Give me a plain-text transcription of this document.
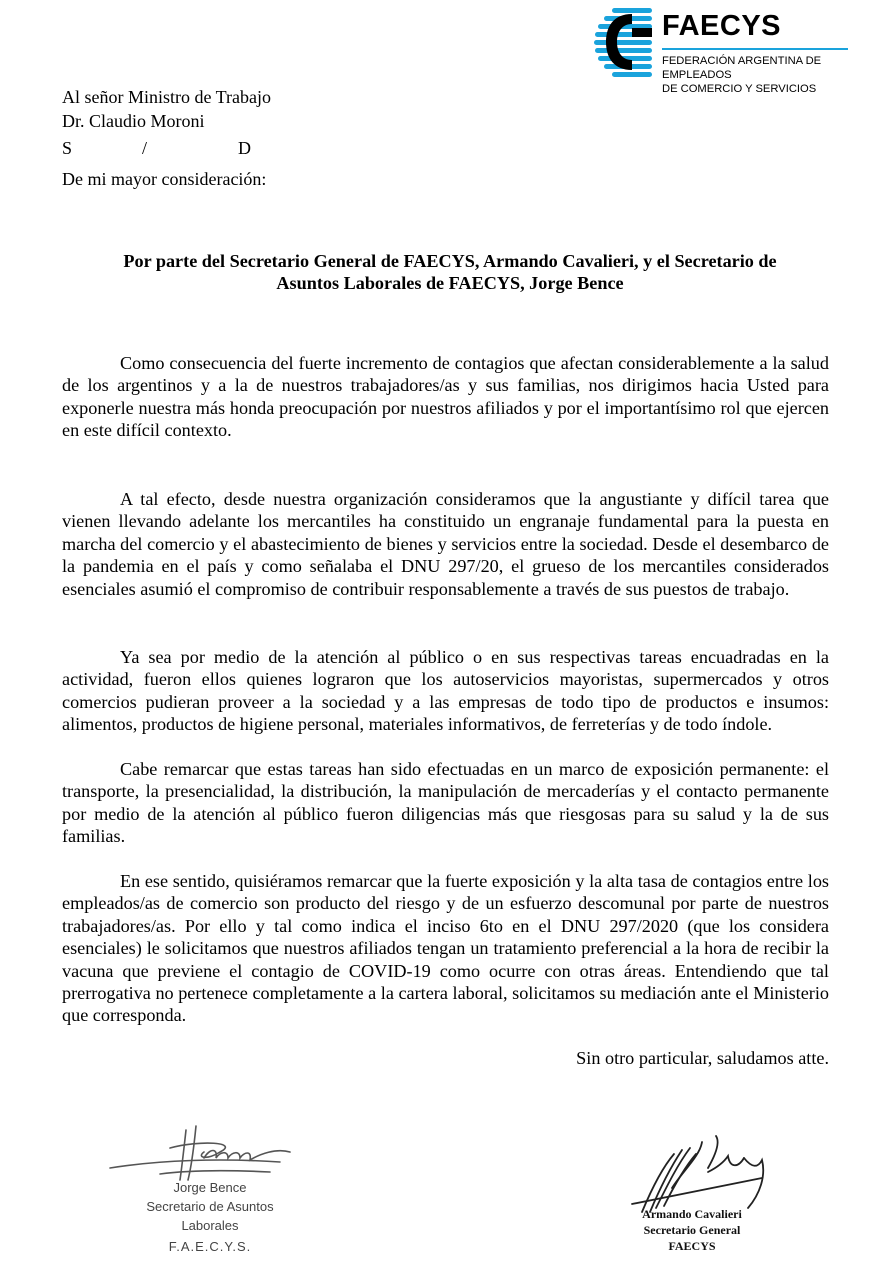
FAECYS
FEDERACIÓN ARGENTINA DE EMPLEADOS
DE COMERCIO Y SERVICIOS
Al señor Ministro de Trabajo
Dr. Claudio Moroni
S	/	D
De mi mayor consideración:
Por parte del Secretario General de FAECYS, Armando Cavalieri, y el Secretario de
Asuntos Laborales de FAECYS, Jorge Bence
Como consecuencia del fuerte incremento de contagios que afectan considerablemente a la salud de los argentinos y a la de nuestros trabajadores/as y sus familias, nos dirigimos hacia Usted para exponerle nuestra más honda preocupación por nuestros afiliados y por el importantísimo rol que ejercen en este difícil contexto.
A tal efecto, desde nuestra organización consideramos que la angustiante y difícil tarea que vienen llevando adelante los mercantiles ha constituido un engranaje fundamental para la puesta en marcha del comercio y el abastecimiento de bienes y servicios entre la sociedad. Desde el desembarco de la pandemia en el país y como señalaba el DNU 297/20, el grueso de los mercantiles considerados esenciales asumió el compromiso de contribuir responsablemente a través de sus puestos de trabajo.
Ya sea por medio de la atención al público o en sus respectivas tareas encuadradas en la actividad, fueron ellos quienes lograron que los autoservicios mayoristas, supermercados y otros comercios pudieran proveer a la sociedad y a las empresas de todo tipo de productos e insumos: alimentos, productos de higiene personal, materiales informativos, de ferreterías y de todo índole.
Cabe remarcar que estas tareas han sido efectuadas en un marco de exposición permanente: el transporte, la presencialidad, la distribución, la manipulación de mercaderías y el contacto permanente por medio de la atención al público fueron diligencias más que riesgosas para su salud y la de sus familias.
En ese sentido, quisiéramos remarcar que la fuerte exposición y la alta tasa de contagios entre los empleados/as de comercio son producto del riesgo y de un esfuerzo descomunal por parte de nuestros trabajadores/as. Por ello y tal como indica el inciso 6to en el DNU 297/2020 (que los considera esenciales) le solicitamos que nuestros afiliados tengan un tratamiento preferencial a la hora de recibir la vacuna que previene el contagio de COVID-19 como ocurre con otras áreas. Entendiendo que tal prerrogativa no pertenece completamente a la cartera laboral, solicitamos su mediación ante el Ministerio que corresponda.
Sin otro particular, saludamos atte.
Jorge Bence
Secretario de Asuntos
Laborales
F.A.E.C.Y.S.
Armando Cavalieri
Secretario General
FAECYS
